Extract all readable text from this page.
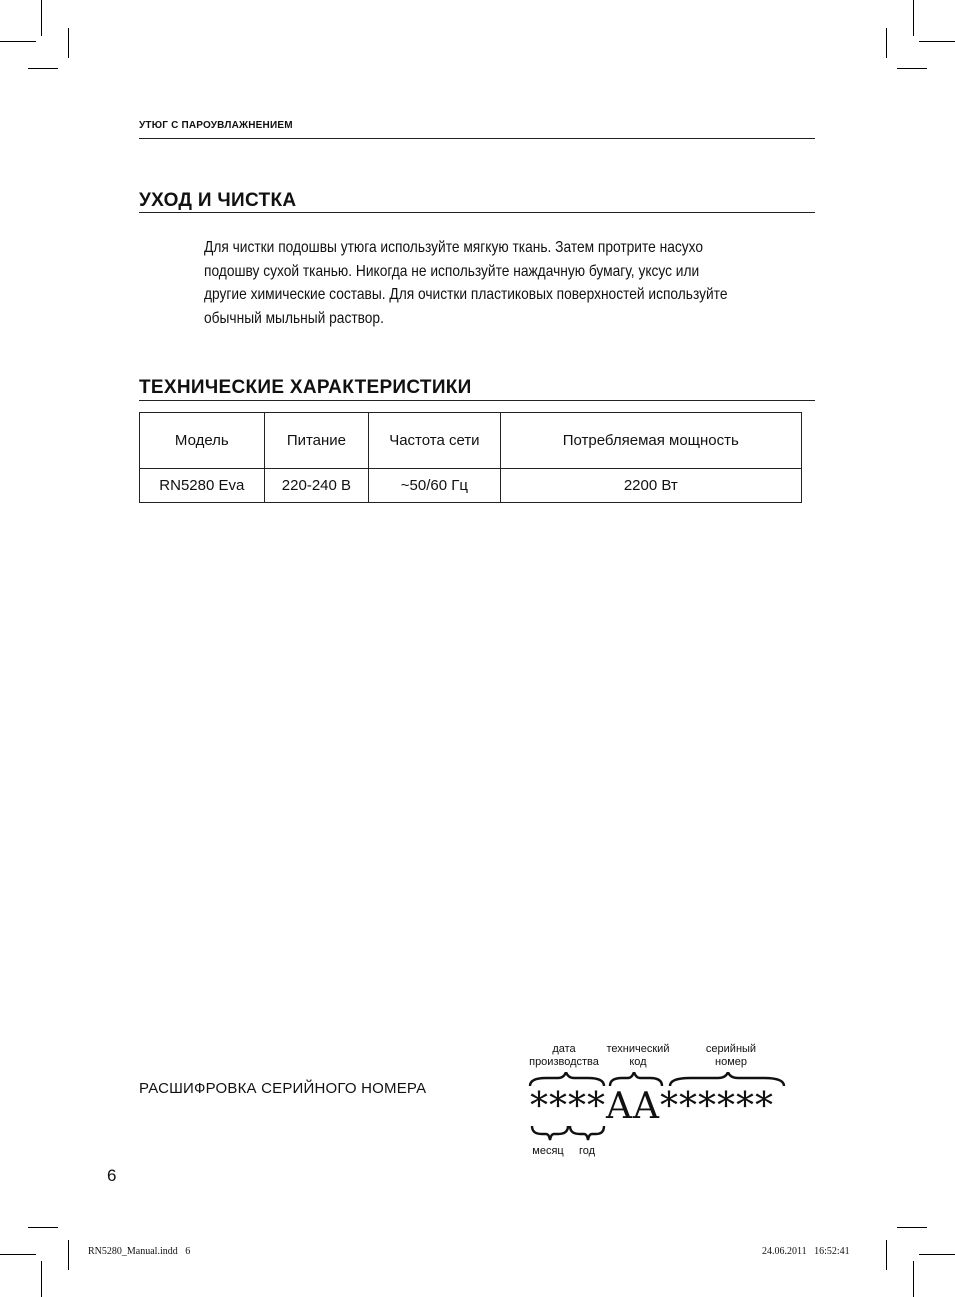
УТЮГ С ПАРОУВЛАЖНЕНИЕМ
УХОД И ЧИСТКА
Для чистки подошвы утюга используйте мягкую ткань. Затем протрите насухо подошву сухой тканью. Никогда не используйте наждачную бумагу, уксус или другие химические составы. Для очистки пластиковых поверхностей используйте обычный мыльный раствор.
ТЕХНИЧЕСКИЕ ХАРАКТЕРИСТИКИ
Модель	Питание	Частота сети	Потребляемая мощность
RN5280 Eva	220-240 В	~50/60 Гц	2200 Вт
РАСШИФРОВКА СЕРИЙНОГО НОМЕРА
дата производства
технический код
серийный номер
****AA******
месяц	год
6
RN5280_Manual.indd   6	24.06.2011   16:52:41
